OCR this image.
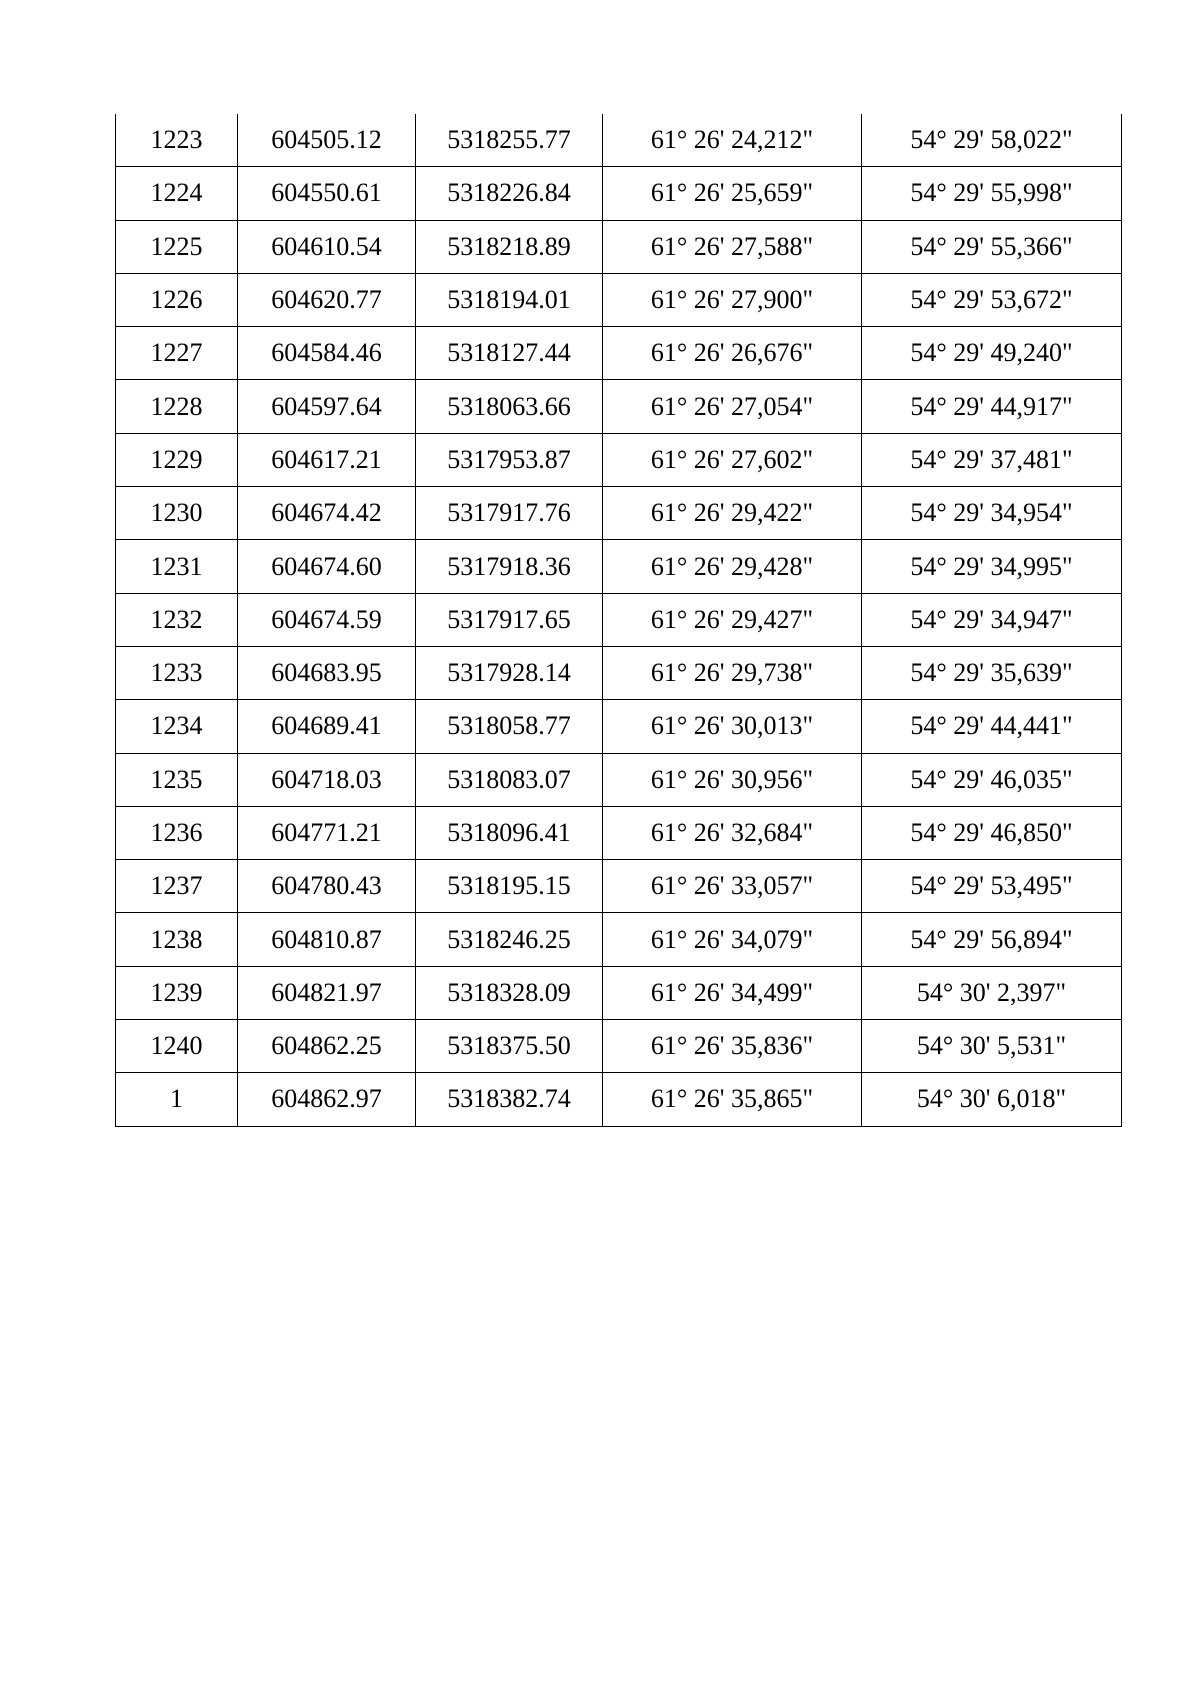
1223	604505.12	5318255.77	61° 26' 24,212"	54° 29' 58,022"
1224	604550.61	5318226.84	61° 26' 25,659"	54° 29' 55,998"
1225	604610.54	5318218.89	61° 26' 27,588"	54° 29' 55,366"
1226	604620.77	5318194.01	61° 26' 27,900"	54° 29' 53,672"
1227	604584.46	5318127.44	61° 26' 26,676"	54° 29' 49,240"
1228	604597.64	5318063.66	61° 26' 27,054"	54° 29' 44,917"
1229	604617.21	5317953.87	61° 26' 27,602"	54° 29' 37,481"
1230	604674.42	5317917.76	61° 26' 29,422"	54° 29' 34,954"
1231	604674.60	5317918.36	61° 26' 29,428"	54° 29' 34,995"
1232	604674.59	5317917.65	61° 26' 29,427"	54° 29' 34,947"
1233	604683.95	5317928.14	61° 26' 29,738"	54° 29' 35,639"
1234	604689.41	5318058.77	61° 26' 30,013"	54° 29' 44,441"
1235	604718.03	5318083.07	61° 26' 30,956"	54° 29' 46,035"
1236	604771.21	5318096.41	61° 26' 32,684"	54° 29' 46,850"
1237	604780.43	5318195.15	61° 26' 33,057"	54° 29' 53,495"
1238	604810.87	5318246.25	61° 26' 34,079"	54° 29' 56,894"
1239	604821.97	5318328.09	61° 26' 34,499"	54° 30' 2,397"
1240	604862.25	5318375.50	61° 26' 35,836"	54° 30' 5,531"
1	604862.97	5318382.74	61° 26' 35,865"	54° 30' 6,018"
